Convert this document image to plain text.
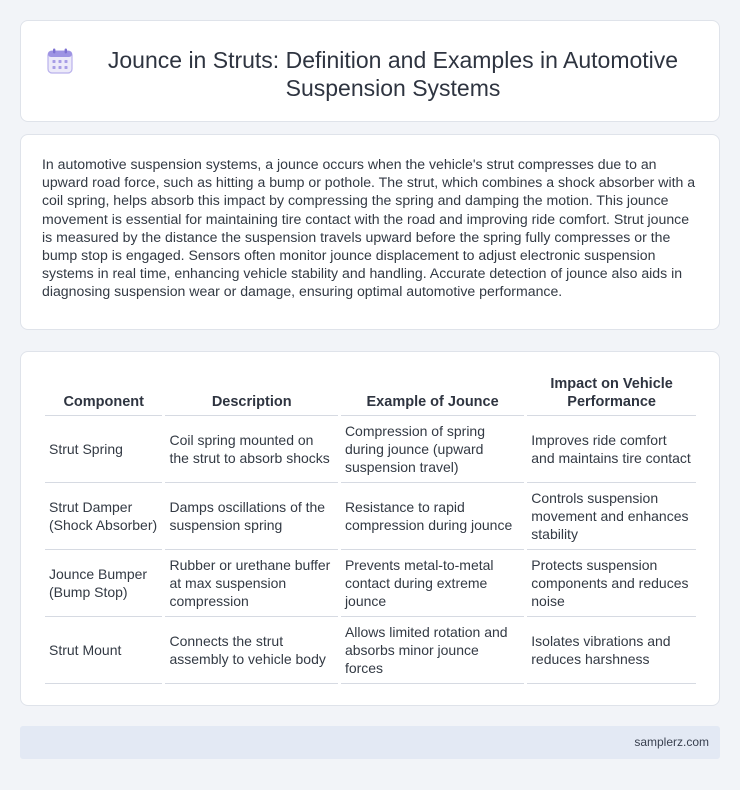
Jounce in Struts: Definition and Examples in Automotive Suspension Systems

In automotive suspension systems, a jounce occurs when the vehicle's strut compresses due to an upward road force, such as hitting a bump or pothole. The strut, which combines a shock absorber with a coil spring, helps absorb this impact by compressing the spring and damping the motion. This jounce movement is essential for maintaining tire contact with the road and improving ride comfort. Strut jounce is measured by the distance the suspension travels upward before the spring fully compresses or the bump stop is engaged. Sensors often monitor jounce displacement to adjust electronic suspension systems in real time, enhancing vehicle stability and handling. Accurate detection of jounce also aids in diagnosing suspension wear or damage, ensuring optimal automotive performance.

Component	Description	Example of Jounce	Impact on Vehicle Performance
Strut Spring	Coil spring mounted on the strut to absorb shocks	Compression of spring during jounce (upward suspension travel)	Improves ride comfort and maintains tire contact
Strut Damper (Shock Absorber)	Damps oscillations of the suspension spring	Resistance to rapid compression during jounce	Controls suspension movement and enhances stability
Jounce Bumper (Bump Stop)	Rubber or urethane buffer at max suspension compression	Prevents metal-to-metal contact during extreme jounce	Protects suspension components and reduces noise
Strut Mount	Connects the strut assembly to vehicle body	Allows limited rotation and absorbs minor jounce forces	Isolates vibrations and reduces harshness
samplerz.com
